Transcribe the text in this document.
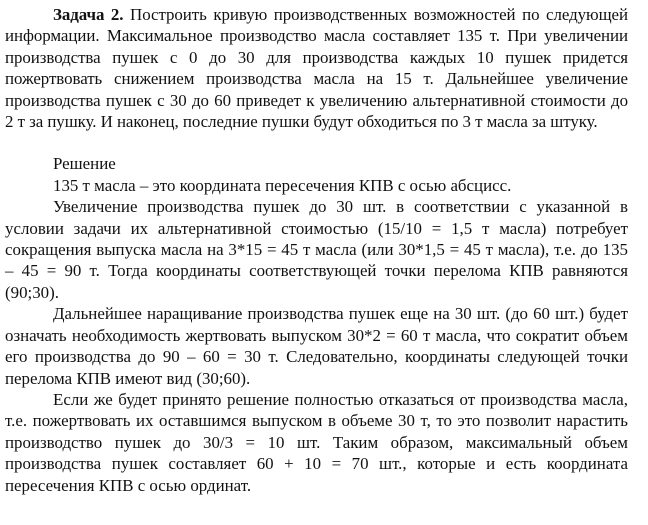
Задача 2. Построить кривую производственных возможностей по следующей информации. Максимальное производство масла составляет 135 т. При увеличении производства пушек с 0 до 30 для производства каждых 10 пушек придется пожертвовать снижением производства масла на 15 т. Дальнейшее увеличение производства пушек с 30 до 60 приведет к увеличению альтернативной стоимости до 2 т за пушку. И наконец, последние пушки будут обходиться по 3 т масла за штуку.

Решение

135 т масла – это координата пересечения КПВ с осью абсцисс.

Увеличение производства пушек до 30 шт. в соответствии с указанной в условии задачи их альтернативной стоимостью (15/10 = 1,5 т масла) потребует сокращения выпуска масла на 3*15 = 45 т масла (или 30*1,5 = 45 т масла), т.е. до 135 – 45 = 90 т. Тогда координаты соответствующей точки перелома КПВ равняются (90;30).

Дальнейшее наращивание производства пушек еще на 30 шт. (до 60 шт.) будет означать необходимость жертвовать выпуском 30*2 = 60 т масла, что сократит объем его производства до 90 – 60 = 30 т. Следовательно, координаты следующей точки перелома КПВ имеют вид (30;60).

Если же будет принято решение полностью отказаться от производства масла, т.е. пожертвовать их оставшимся выпуском в объеме 30 т, то это позволит нарастить производство пушек до 30/3 = 10 шт. Таким образом, максимальный объем производства пушек составляет 60 + 10 = 70 шт., которые и есть координата пересечения КПВ с осью ординат.
